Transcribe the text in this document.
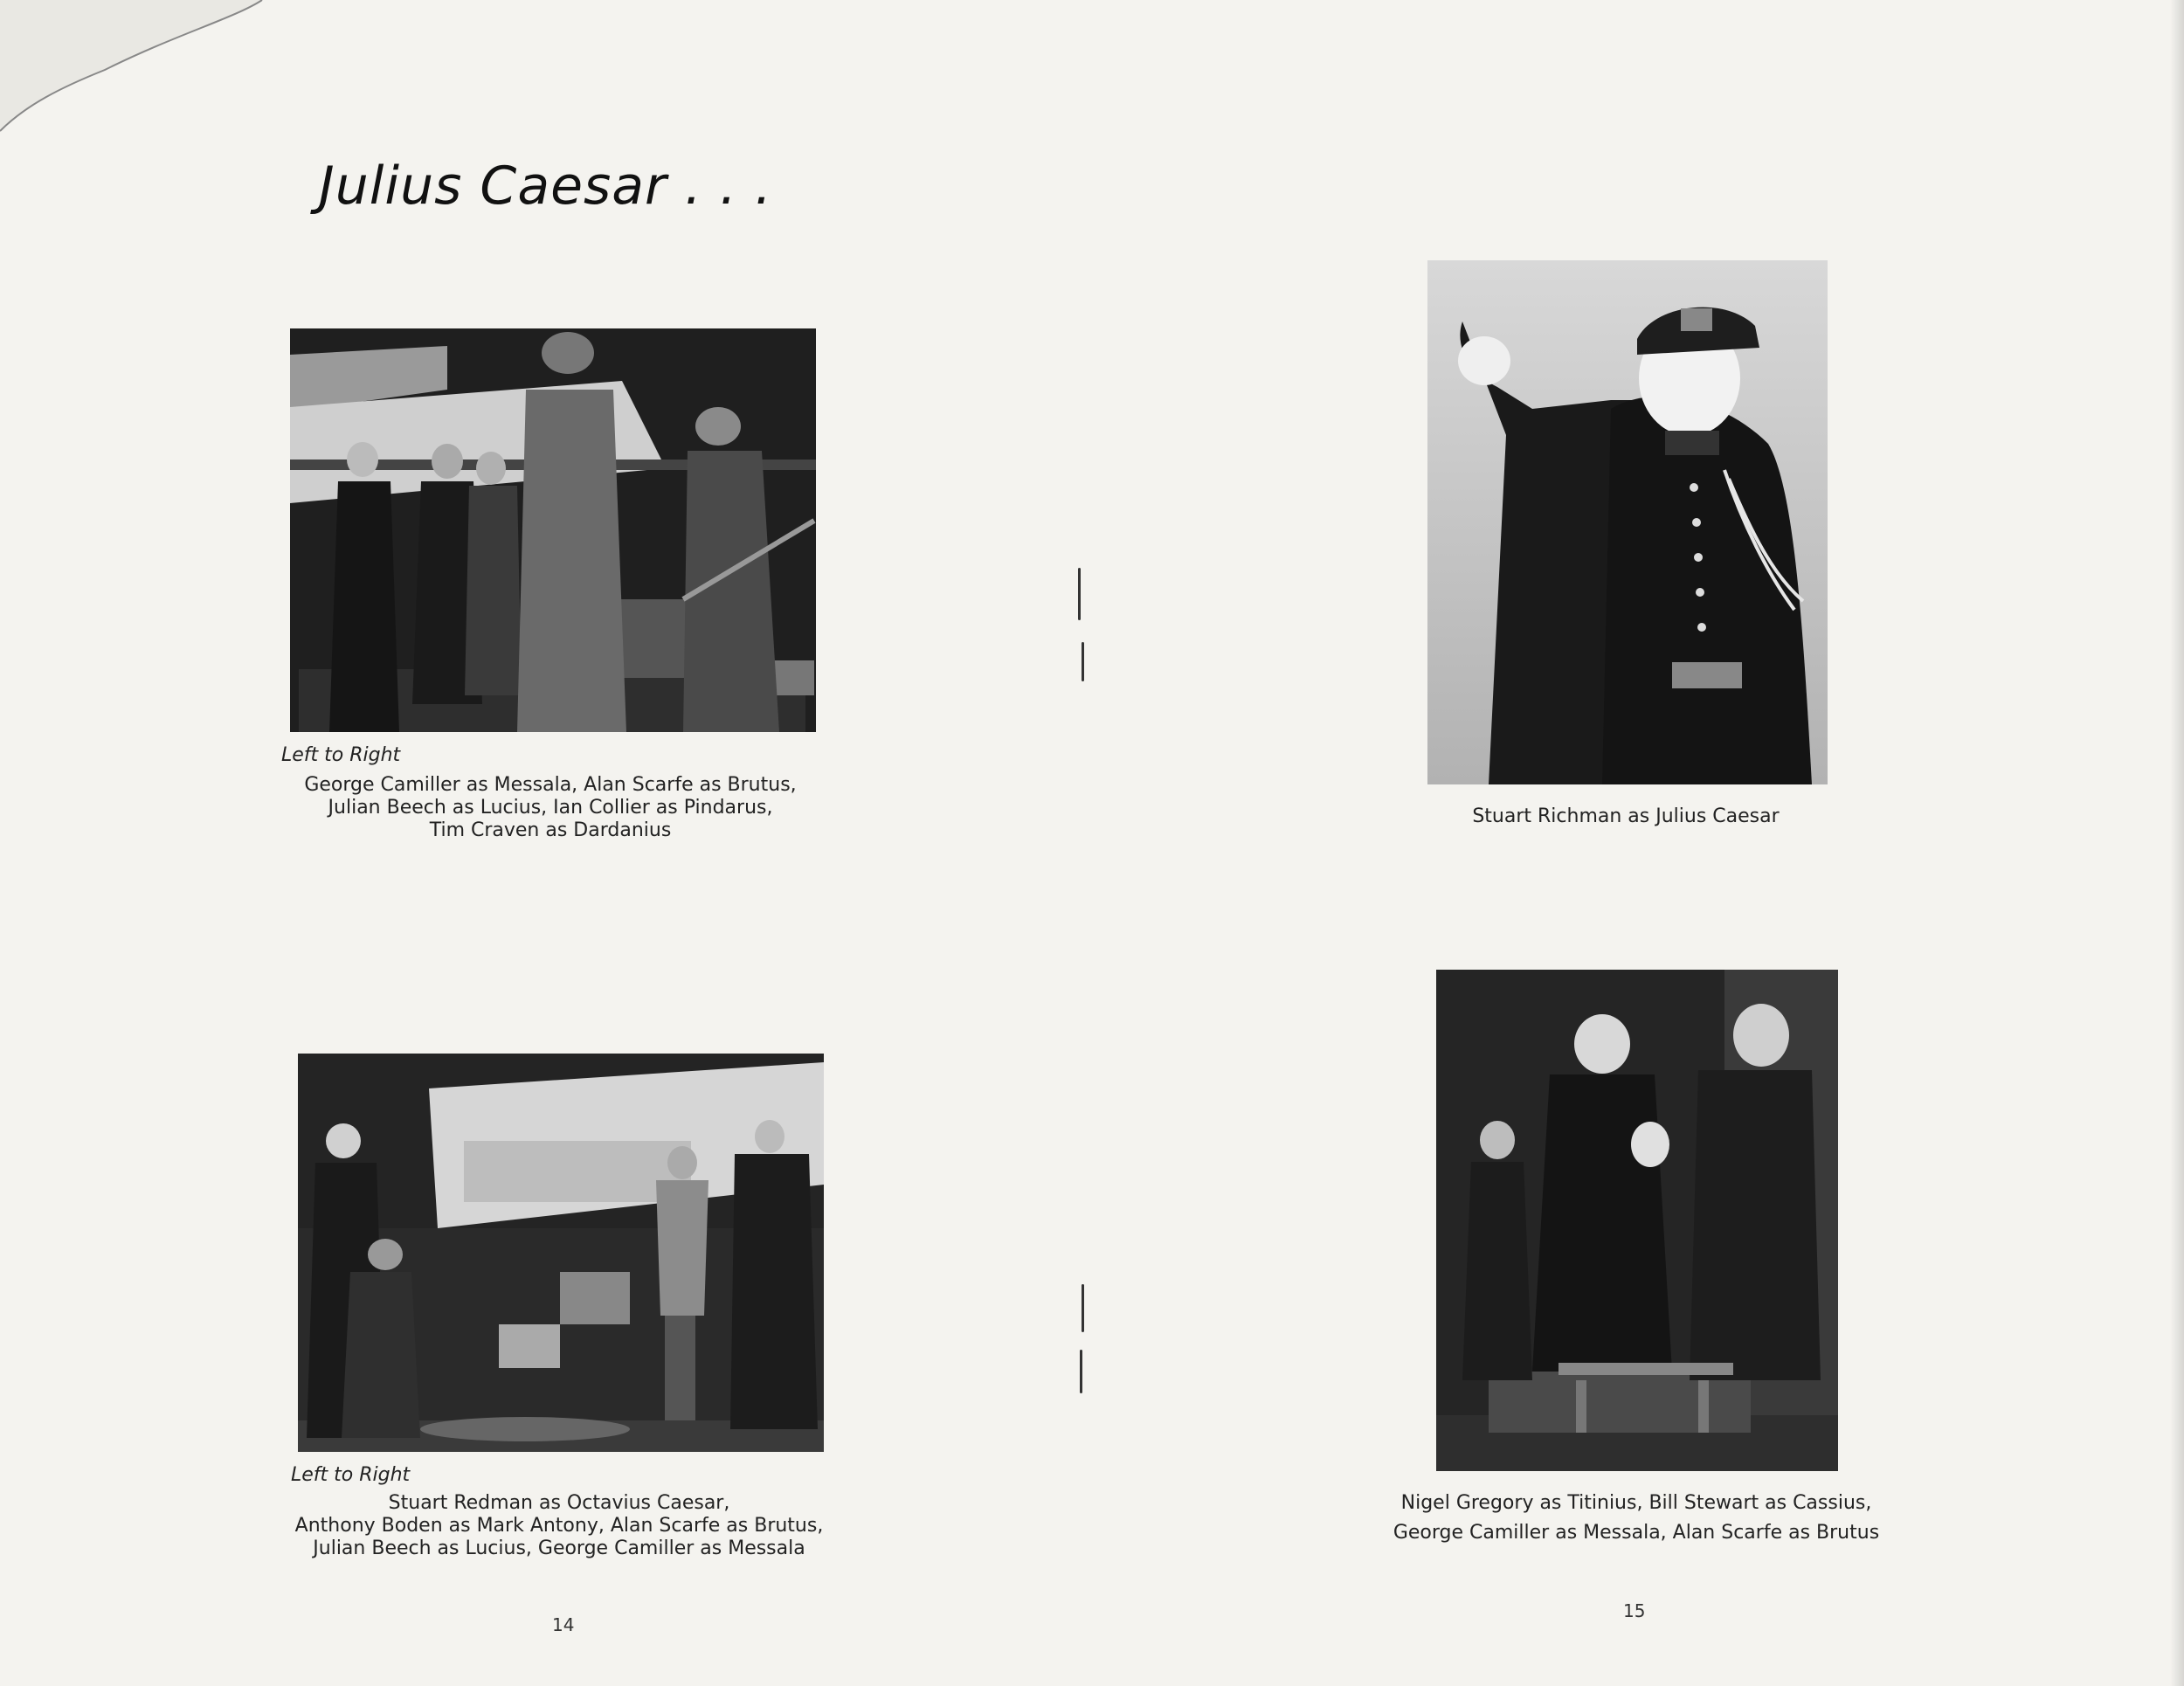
Julius Caesar . . .
Left to Right
George Camiller as Messala, Alan Scarfe as Brutus,
Julian Beech as Lucius, Ian Collier as Pindarus,
Tim Craven as Dardanius
Left to Right
Stuart Redman as Octavius Caesar,
Anthony Boden as Mark Antony, Alan Scarfe as Brutus,
Julian Beech as Lucius, George Camiller as Messala
14
Stuart Richman as Julius Caesar
Nigel Gregory as Titinius, Bill Stewart as Cassius,
George Camiller as Messala, Alan Scarfe as Brutus
15
